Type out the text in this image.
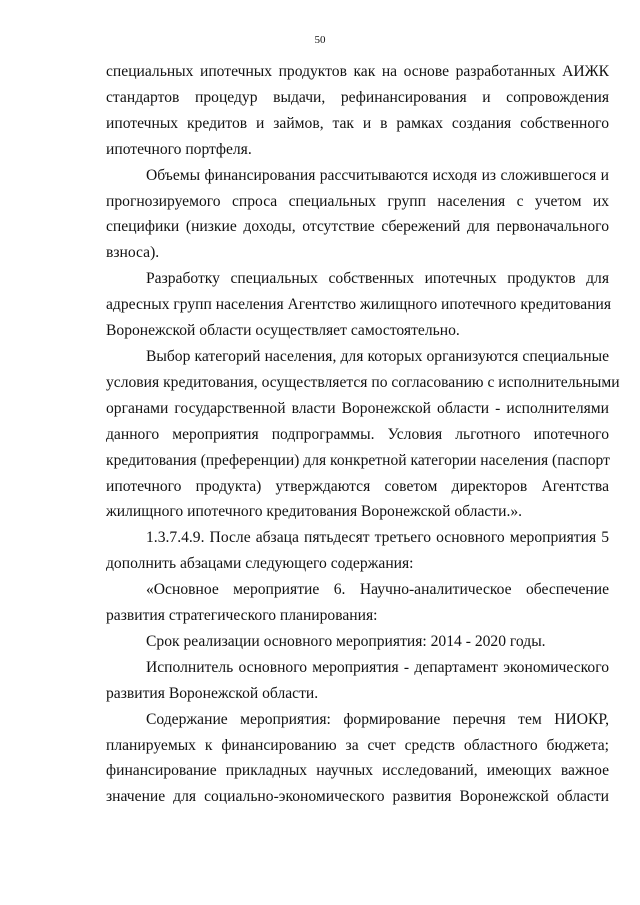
50

специальных ипотечных продуктов как на основе разработанных АИЖК
стандартов процедур выдачи, рефинансирования и сопровождения
ипотечных кредитов и займов, так и в рамках создания собственного
ипотечного портфеля.

Объемы финансирования рассчитываются исходя из сложившегося и
прогнозируемого спроса специальных групп населения с учетом их
специфики (низкие доходы, отсутствие сбережений для первоначального
взноса).

Разработку специальных собственных ипотечных продуктов для
адресных групп населения Агентство жилищного ипотечного кредитования
Воронежской области осуществляет самостоятельно.

Выбор категорий населения, для которых организуются специальные
условия кредитования, осуществляется по согласованию с исполнительными
органами государственной власти Воронежской области - исполнителями
данного мероприятия подпрограммы. Условия льготного ипотечного
кредитования (преференции) для конкретной категории населения (паспорт
ипотечного продукта) утверждаются советом директоров Агентства
жилищного ипотечного кредитования Воронежской области.».

1.3.7.4.9. После абзаца пятьдесят третьего основного мероприятия 5
дополнить абзацами следующего содержания:

«Основное мероприятие 6. Научно-аналитическое обеспечение
развития стратегического планирования:

Срок реализации основного мероприятия: 2014 - 2020 годы.

Исполнитель основного мероприятия - департамент экономического
развития Воронежской области.

Содержание мероприятия: формирование перечня тем НИОКР,
планируемых к финансированию за счет средств областного бюджета;
финансирование прикладных научных исследований, имеющих важное
значение для социально-экономического развития Воронежской области
